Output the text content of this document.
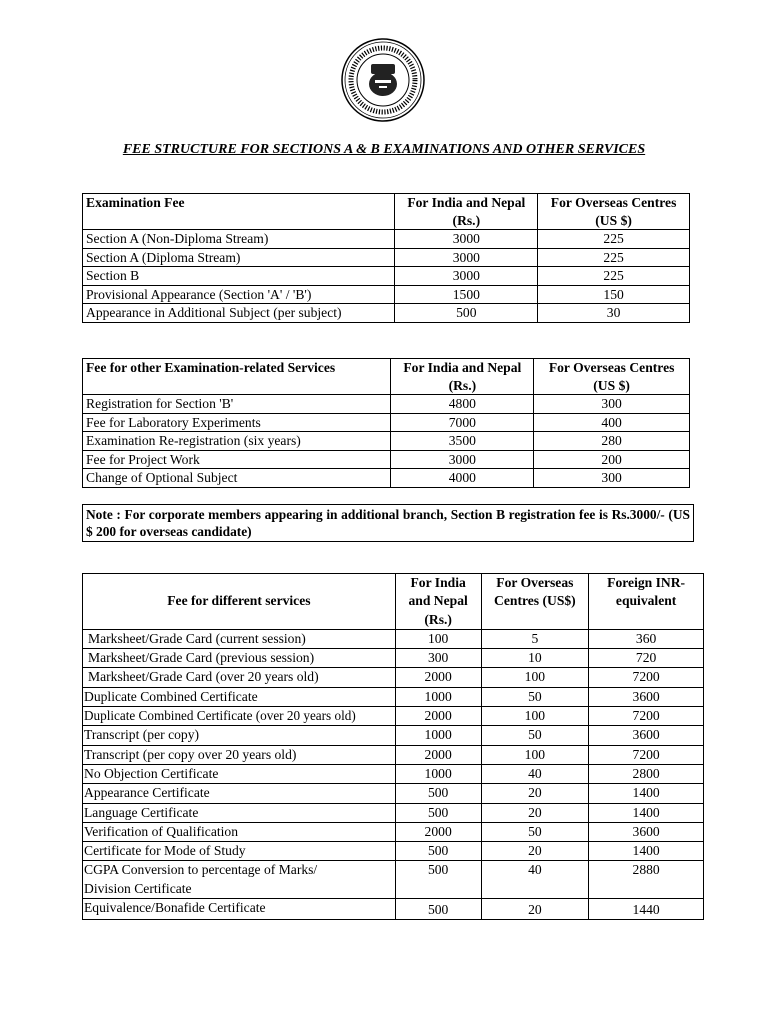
FEE STRUCTURE FOR SECTIONS A & B EXAMINATIONS AND OTHER SERVICES
Examination Fee	For India and Nepal (Rs.)	For Overseas Centres (US $)
Section A (Non-Diploma Stream)	3000	225
Section A (Diploma Stream)	3000	225
Section B	3000	225
Provisional Appearance (Section 'A' / 'B')	1500	150
Appearance in Additional Subject (per subject)	500	30
Fee for other Examination-related Services	For India and Nepal (Rs.)	For Overseas Centres (US $)
Registration for Section 'B'	4800	300
Fee for Laboratory Experiments	7000	400
Examination Re-registration (six years)	3500	280
Fee for Project Work	3000	200
Change of Optional Subject	4000	300
Note : For corporate members appearing in additional branch, Section B registration fee is Rs.3000/- (US $ 200 for overseas candidate)
Fee for different services	For India and Nepal (Rs.)	For Overseas Centres (US$)	Foreign INR-equivalent
Marksheet/Grade Card (current session)	100	5	360
Marksheet/Grade Card (previous session)	300	10	720
Marksheet/Grade Card (over 20 years old)	2000	100	7200
Duplicate Combined Certificate	1000	50	3600
Duplicate Combined Certificate (over 20 years old)	2000	100	7200
Transcript (per copy)	1000	50	3600
Transcript (per copy over 20 years old)	2000	100	7200
No Objection Certificate	1000	40	2800
Appearance Certificate	500	20	1400
Language Certificate	500	20	1400
Verification of Qualification	2000	50	3600
Certificate for Mode of Study	500	20	1400
CGPA Conversion to percentage of Marks/ Division Certificate	500	40	2880
Equivalence/Bonafide Certificate	500	20	1440
